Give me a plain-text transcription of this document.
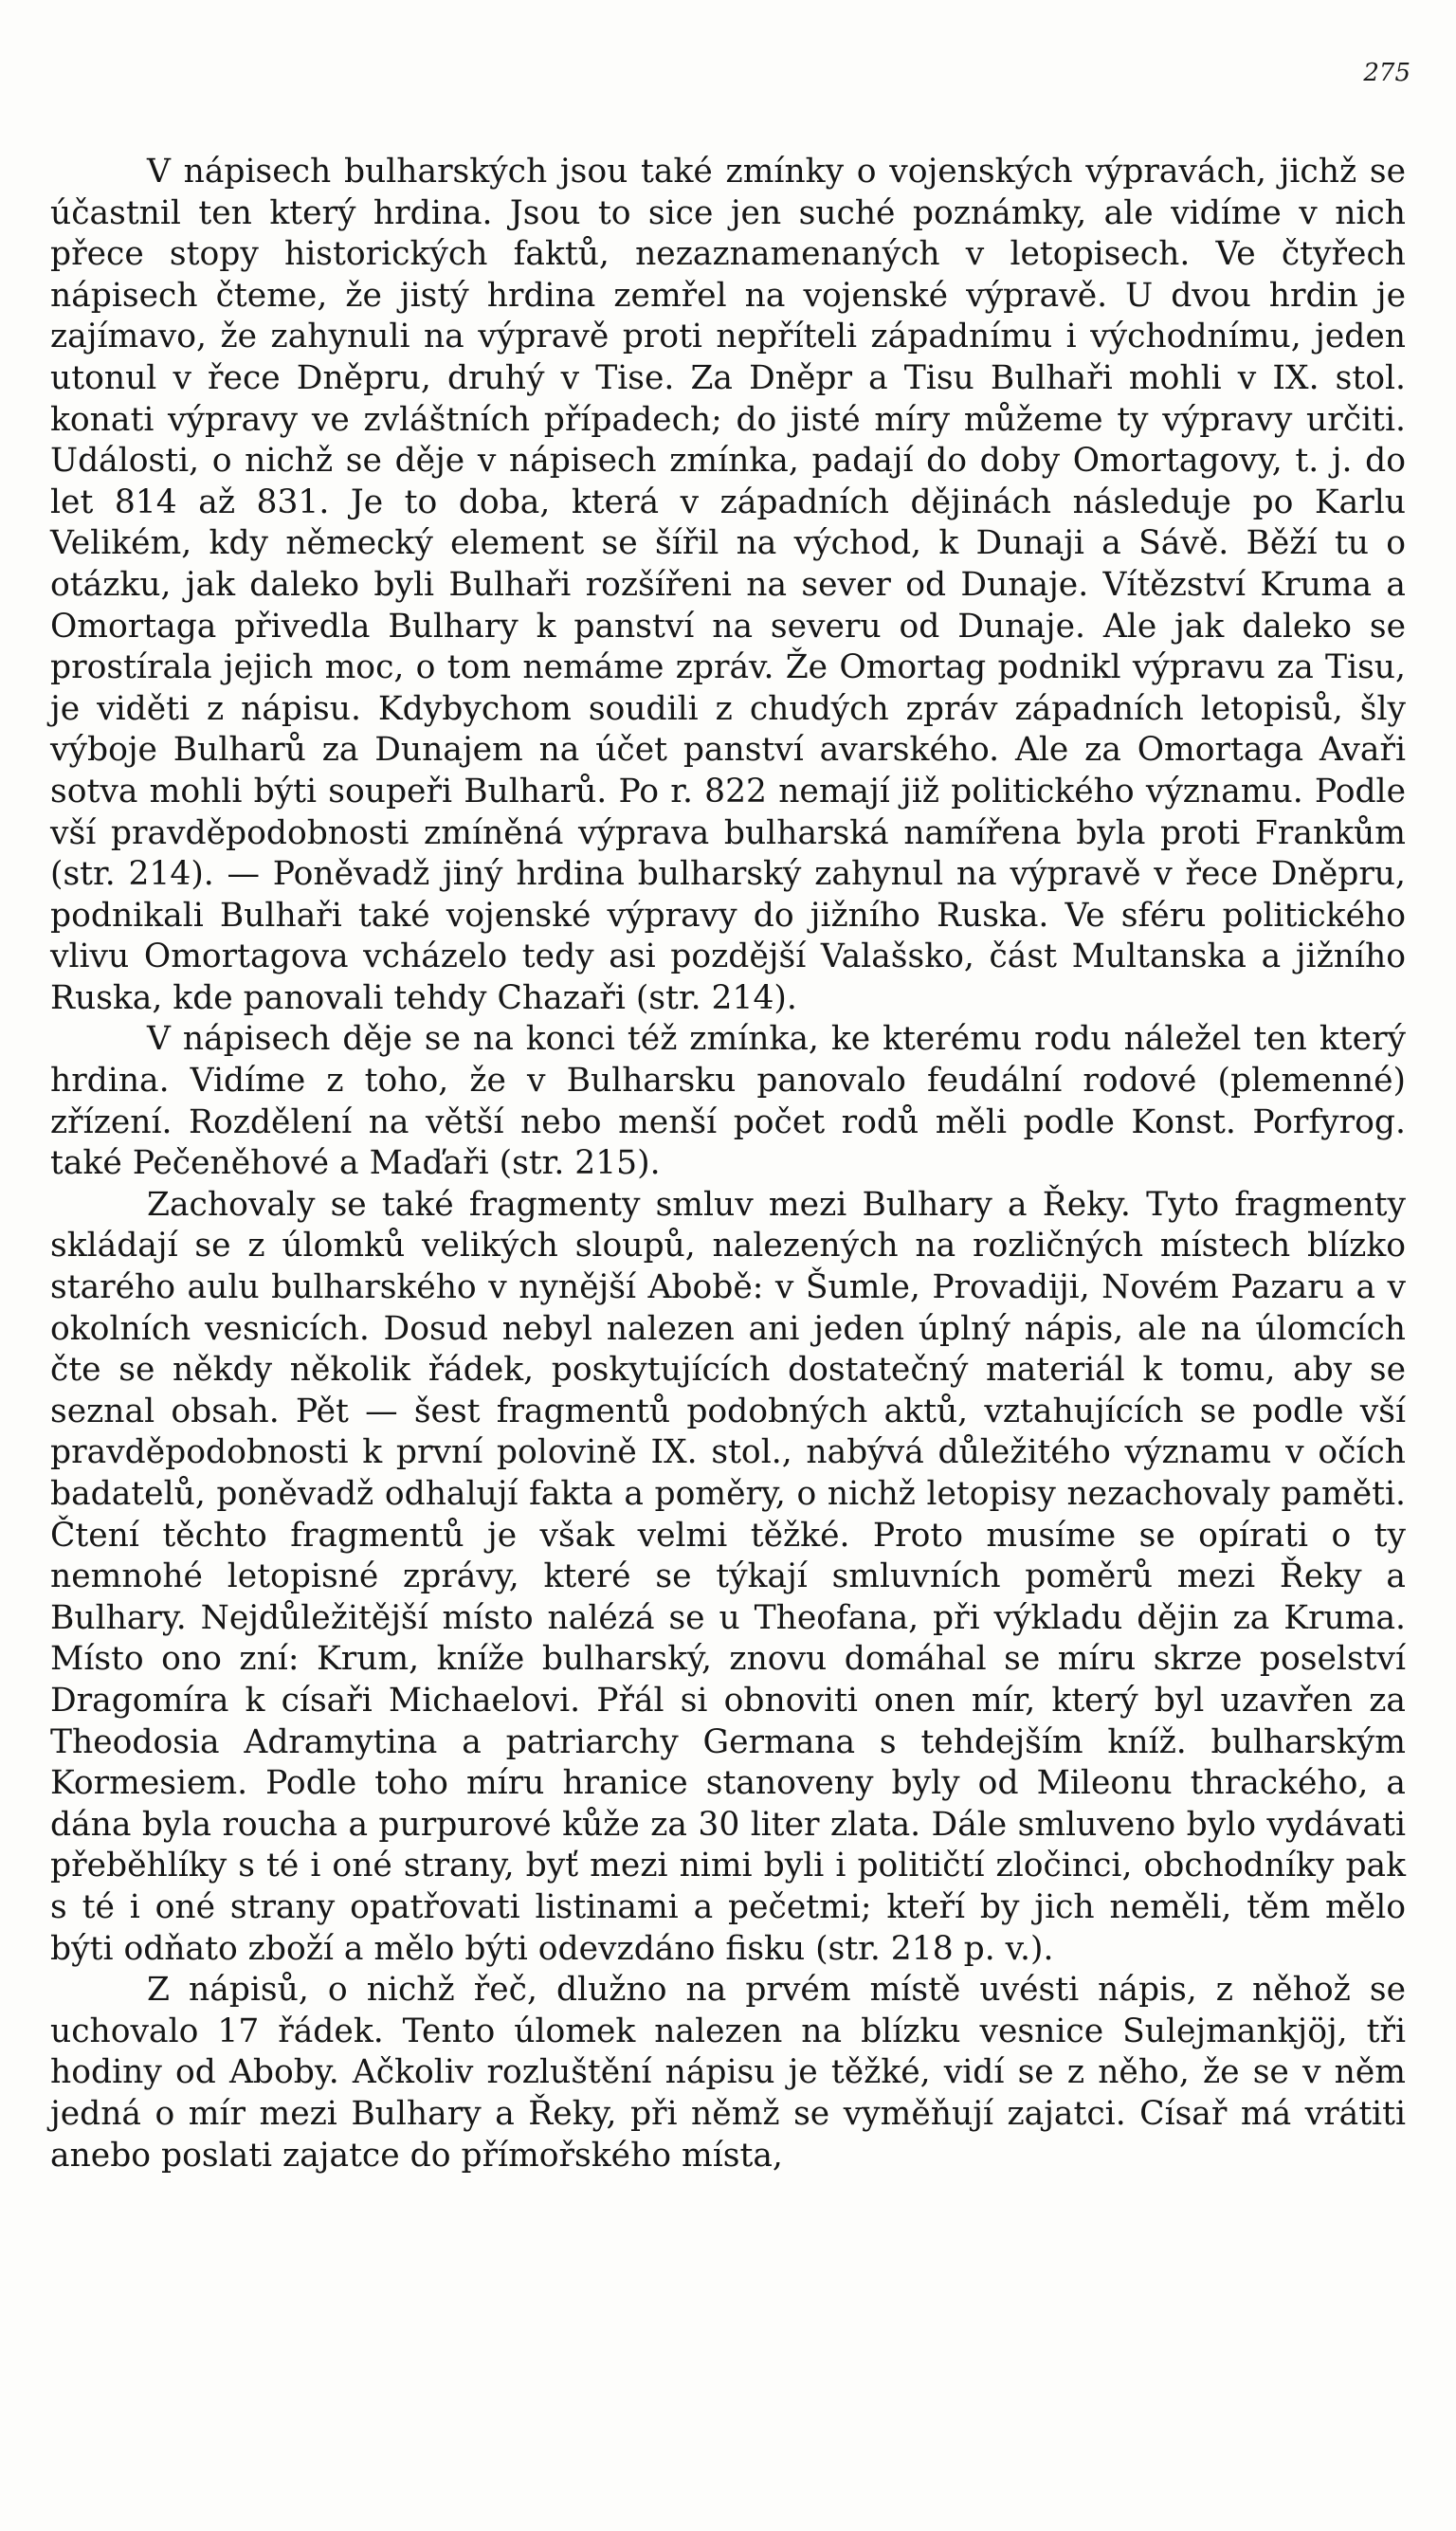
275

V nápisech bulharských jsou také zmínky o vojenských výpravách, jichž se účastnil ten který hrdina. Jsou to sice jen suché poznámky, ale vidíme v nich přece stopy historických faktů, nezaznamenaných v letopisech. Ve čtyřech nápisech čteme, že jistý hrdina zemřel na vojenské výpravě. U dvou hrdin je zajímavo, že zahynuli na výpravě proti nepříteli západnímu i východnímu, jeden utonul v řece Dněpru, druhý v Tise. Za Dněpr a Tisu Bulhaři mohli v IX. stol. konati výpravy ve zvláštních případech; do jisté míry můžeme ty výpravy určiti. Události, o nichž se děje v nápisech zmínka, padají do doby Omortagovy, t. j. do let 814 až 831. Je to doba, která v západních dějinách následuje po Karlu Velikém, kdy německý element se šířil na východ, k Dunaji a Sávě. Běží tu o otázku, jak daleko byli Bulhaři rozšířeni na sever od Dunaje. Vítězství Kruma a Omortaga přivedla Bulhary k panství na severu od Dunaje. Ale jak daleko se prostírala jejich moc, o tom nemáme zpráv. Že Omortag podnikl výpravu za Tisu, je viděti z nápisu. Kdybychom soudili z chudých zpráv západních letopisů, šly výboje Bulharů za Dunajem na účet panství avarského. Ale za Omortaga Avaři sotva mohli býti soupeři Bulharů. Po r. 822 nemají již politického významu. Podle vší pravděpodobnosti zmíněná výprava bulharská namířena byla proti Frankům (str. 214). — Poněvadž jiný hrdina bulharský zahynul na výpravě v řece Dněpru, podnikali Bulhaři také vojenské výpravy do jižního Ruska. Ve sféru politického vlivu Omortagova vcházelo tedy asi pozdější Valašsko, část Multanska a jižního Ruska, kde panovali tehdy Chazaři (str. 214).

V nápisech děje se na konci též zmínka, ke kterému rodu náležel ten který hrdina. Vidíme z toho, že v Bulharsku panovalo feudální rodové (plemenné) zřízení. Rozdělení na větší nebo menší počet rodů měli podle Konst. Porfyrog. také Pečeněhové a Maďaři (str. 215).

Zachovaly se také fragmenty smluv mezi Bulhary a Řeky. Tyto fragmenty skládají se z úlomků velikých sloupů, nalezených na rozličných místech blízko starého aulu bulharského v nynější Abobě: v Šumle, Provadiji, Novém Pazaru a v okolních vesnicích. Dosud nebyl nalezen ani jeden úplný nápis, ale na úlomcích čte se někdy několik řádek, poskytujících dostatečný materiál k tomu, aby se seznal obsah. Pět — šest fragmentů podobných aktů, vztahujících se podle vší pravděpodobnosti k první polovině IX. stol., nabývá důležitého významu v očích badatelů, poněvadž odhalují fakta a poměry, o nichž letopisy nezachovaly paměti. Čtení těchto fragmentů je však velmi těžké. Proto musíme se opírati o ty nemnohé letopisné zprávy, které se týkají smluvních poměrů mezi Řeky a Bulhary. Nejdůležitější místo nalézá se u Theofana, při výkladu dějin za Kruma. Místo ono zní: Krum, kníže bulharský, znovu domáhal se míru skrze poselství Dragomíra k císaři Michaelovi. Přál si obnoviti onen mír, který byl uzavřen za Theodosia Adramytina a patriarchy Germana s tehdejším kníž. bulharským Kormesiem. Podle toho míru hranice stanoveny byly od Mileonu thrackého, a dána byla roucha a purpurové kůže za 30 liter zlata. Dále smluveno bylo vydávati přeběhlíky s té i oné strany, byť mezi nimi byli i političtí zločinci, obchodníky pak s té i oné strany opatřovati listinami a pečetmi; kteří by jich neměli, těm mělo býti odňato zboží a mělo býti odevzdáno fisku (str. 218 p. v.).

Z nápisů, o nichž řeč, dlužno na prvém místě uvésti nápis, z něhož se uchovalo 17 řádek. Tento úlomek nalezen na blízku vesnice Sulejmankjöj, tři hodiny od Aboby. Ačkoliv rozluštění nápisu je těžké, vidí se z něho, že se v něm jedná o mír mezi Bulhary a Řeky, při němž se vyměňují zajatci. Císař má vrátiti anebo poslati zajatce do přímořského místa,
